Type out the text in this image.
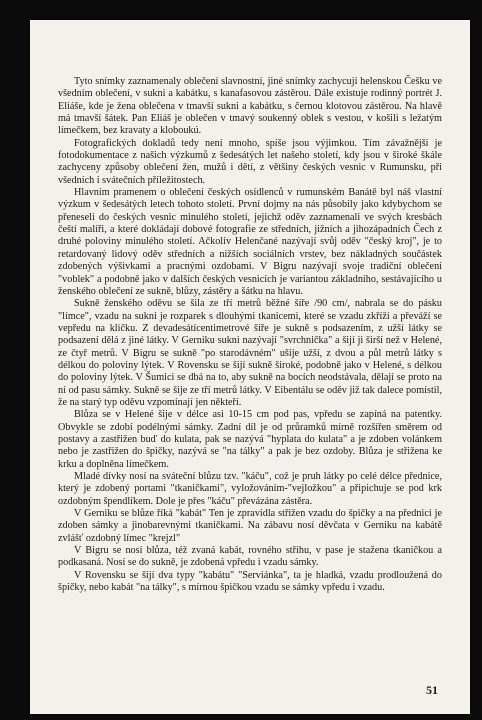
Tyto snímky zaznamenaly oblečení slavnostní, jiné snímky zachycují helenskou Češku ve všedním oblečení, v sukni a kabátku, s kanafasovou zástěrou. Dále existuje rodinný portrét J. Eliáše, kde je žena oblečena v tmavší sukni a kabátku, s černou klotovou zástěrou. Na hlavě má tmavší šátek. Pan Eliáš je oblečen v tmavý soukenný oblek s vestou, v košili s ležatým límečkem, bez kravaty a kloboukú.

Fotografických dokladů tedy není mnoho, spíše jsou výjimkou. Tím závažnější je fotodokumentace z našich výzkumů z šedesátých let našeho století, kdy jsou v široké škále zachyceny způsoby oblečení žen, mužů i dětí, z většiny českých vesnic v Rumunsku, při všedních i svátečních příležitostech.

Hlavním pramenem o oblečení českých osídlenců v rumunském Banátě byl náš vlastní výzkum v šedesátých letech tohoto století. První dojmy na nás působily jako kdybychom se přeneseli do českých vesnic minulého století, jejichž oděv zaznamenali ve svých kresbách čeští malíři, a které dokládají dobové fotografie ze středních, jižních a jihozápadních Čech z druhé poloviny minulého století. Ačkoliv Helenčané nazývají svůj oděv "český kroj", je to retardovaný lidový oděv středních a nižších sociálních vrstev, bez nákladných součástek zdobených výšivkami a pracnými ozdobami. V Bigru nazývají svoje tradiční oblečení "voblek" a podobně jako v dalších českých vesnicích je variantou základního, sestávajícího u ženského oblečení ze sukně, blůzy, zástěry a šátku na hlavu.

Sukně ženského oděvu se šila ze tří metrů běžné šíře /90 cm/, nabrala se do pásku "límce", vzadu na sukni je rozparek s dlouhými tkanicemi, které se vzadu zkříží a převáží se vepředu na kličku. Z devadesátícentimetrové šíře je sukně s podsazením, z užší látky se podsazení dělá z jiné látky. V Gerniku sukni nazývají "svrchnička" a šijí ji širší než v Helené, ze čtyř metrů. V Bigru se sukně "po starodávném" ušije užší, z dvou a půl metrů látky s délkou do poloviny lýtek. V Rovensku se šijí sukně široké, podobně jako v Helené, s délkou do poloviny lýtek. V Šumici se dbá na to, aby sukně na bocích neodstávala, dělají se proto na ní od pasu sámky. Sukně se šije ze tří metrů látky. V Eibentálu se oděv již tak dalece pomístil, že na starý typ oděvu vzpomínají jen někteří.

Blůza se v Helené šije v délce asi 10-15 cm pod pas, vpředu se zapíná na patentky. Obvykle se zdobí podélnými sámky. Zadní díl je od průramků mírně rozšířen směrem od postavy a zastřižen buď do kulata, pak se nazývá "hyplata do kulata" a je zdoben volánkem nebo je zastřižen do špičky, nazývá se "na tálky" a pak je bez ozdoby. Blůza je střižena ke krku a doplněna límečkem.

Mladé dívky nosí na sváteční blůzu tzv. "káču", což je pruh látky po celé délce přednice, který je zdobený portami "tkaničkami", vyložováním-"vejložkou" a připichuje se pod krk ozdobným špendlíkem. Dole je přes "káču" převázána zástěra.

V Gerniku se blůze říká "kabát" Ten je zpravidla střižen vzadu do špičky a na přednici je zdoben sámky a jinobarevnými tkaničkami. Na zábavu nosí děvčata v Gerniku na kabátě zvlášť ozdobný límec "krejzl"

V Bigru se nosí blůza, též zvaná kabát, rovného střihu, v pase je stažena tkaničkou a podkasaná. Nosí se do sukně, je zdobená vpředu i vzadu sámky.

V Rovensku se šijí dva typy "kabátu" "Serviánka", ta je hladká, vzadu prodloužená do špičky, nebo kabát "na tálky", s mírnou špičkou vzadu se sámky vpředu i vzadu.

51
